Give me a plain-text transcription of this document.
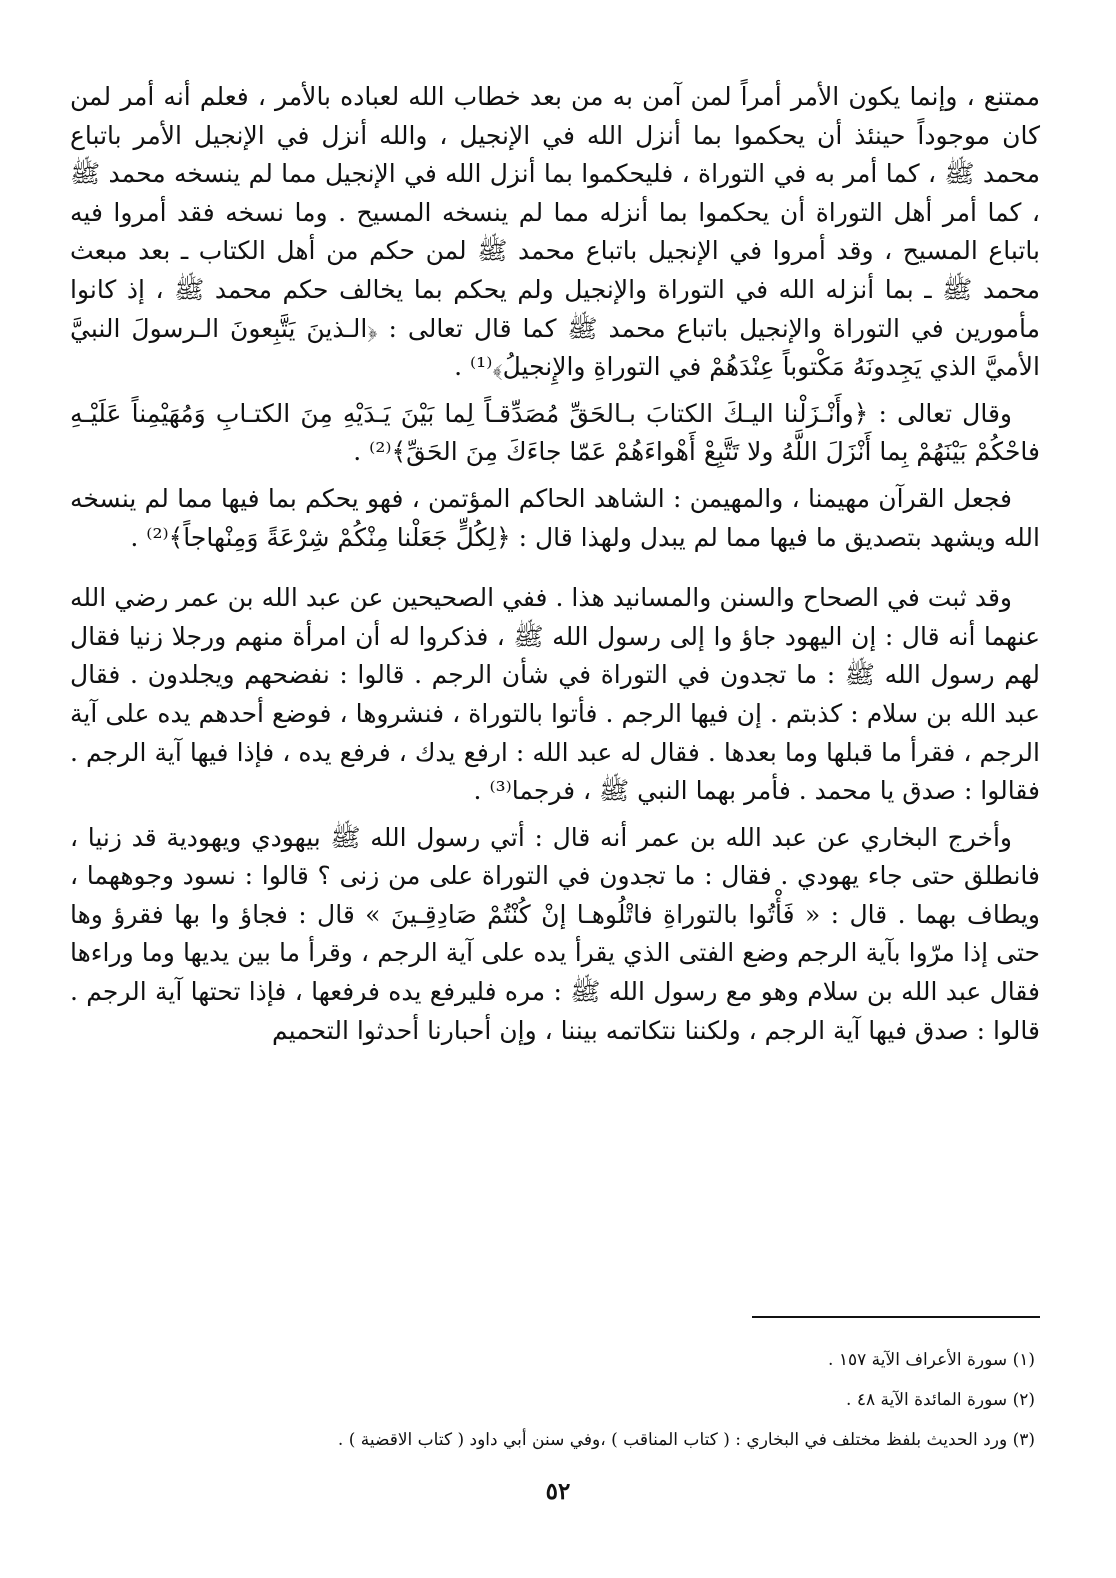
ممتنع ، وإنما يكون الأمر أمراً لمن آمن به من بعد خطاب الله لعباده بالأمر ، فعلم أنه أمر لمن كان موجوداً حينئذ أن يحكموا بما أنزل الله في الإنجيل ، والله أنزل في الإنجيل الأمر باتباع محمد ﷺ ، كما أمر به في التوراة ، فليحكموا بما أنزل الله في الإنجيل مما لم ينسخه محمد ﷺ ، كما أمر أهل التوراة أن يحكموا بما أنزله مما لم ينسخه المسيح . وما نسخه فقد أمروا فيه باتباع المسيح ، وقد أمروا في الإنجيل باتباع محمد ﷺ لمن حكم من أهل الكتاب ـ بعد مبعث محمد ﷺ ـ بما أنزله الله في التوراة والإنجيل ولم يحكم بما يخالف حكم محمد ﷺ ، إذ كانوا مأمورين في التوراة والإنجيل باتباع محمد ﷺ كما قال تعالى : ﴿الـذينَ يَتَّبِعونَ الـرسولَ النبيَّ الأميَّ الذي يَجِدونَهُ مَكْتوباً عِنْدَهُمْ في التوراةِ والإِنجيلُ﴾⁽¹⁾ .

وقال تعالى : ﴿وأَنْـزَلْنا اليـكَ الكتابَ بـالحَقِّ مُصَدِّقـاً لِما بَيْنَ يَـدَيْهِ مِنَ الكتـابِ وَمُهَيْمِناً عَلَيْـهِ فاحْكُمْ بَيْنَهُمْ بِما أَنْزَلَ اللَّهُ ولا تَتَّبِعْ أَهْواءَهُمْ عَمّا جاءَكَ مِنَ الحَقِّ﴾⁽²⁾ .

فجعل القرآن مهيمنا ، والمهيمن : الشاهد الحاكم المؤتمن ، فهو يحكم بما فيها مما لم ينسخه الله ويشهد بتصديق ما فيها مما لم يبدل ولهذا قال : ﴿لِكُلٍّ جَعَلْنا مِنْكُمْ شِرْعَةً وَمِنْهاجاً﴾⁽²⁾ .

وقد ثبت في الصحاح والسنن والمسانيد هذا . ففي الصحيحين عن عبد الله بن عمر رضي الله عنهما أنه قال : إن اليهود جاؤ وا إلى رسول الله ﷺ ، فذكروا له أن امرأة منهم ورجلا زنيا فقال لهم رسول الله ﷺ : ما تجدون في التوراة في شأن الرجم . قالوا : نفضحهم ويجلدون . فقال عبد الله بن سلام : كذبتم . إن فيها الرجم . فأتوا بالتوراة ، فنشروها ، فوضع أحدهم يده على آية الرجم ، فقرأ ما قبلها وما بعدها . فقال له عبد الله : ارفع يدك ، فرفع يده ، فإذا فيها آية الرجم . فقالوا : صدق يا محمد . فأمر بهما النبي ﷺ ، فرجما⁽³⁾ .

وأخرج البخاري عن عبد الله بن عمر أنه قال : أتي رسول الله ﷺ بيهودي ويهودية قد زنيا ، فانطلق حتى جاء يهودي . فقال : ما تجدون في التوراة على من زنى ؟ قالوا : نسود وجوههما ، ويطاف بهما . قال : « فَأْتُوا بالتوراةِ فاتْلُوهـا إنْ كُنْتُمْ صَادِقِـينَ » قال : فجاؤ وا بها فقرؤ وها حتى إذا مرّوا بآية الرجم وضع الفتى الذي يقرأ يده على آية الرجم ، وقرأ ما بين يديها وما وراءها فقال عبد الله بن سلام وهو مع رسول الله ﷺ : مره فليرفع يده فرفعها ، فإذا تحتها آية الرجم . قالوا : صدق فيها آية الرجم ، ولكننا نتكاتمه بيننا ، وإن أحبارنا أحدثوا التحميم

(١) سورة الأعراف الآية ١٥٧ .

(٢) سورة المائدة الآية ٤٨ .

(٣) ورد الحديث بلفظ مختلف في البخاري : ( كتاب المناقب ) ،وفي سنن أبي داود ( كتاب الاقضية ) .

٥٢
